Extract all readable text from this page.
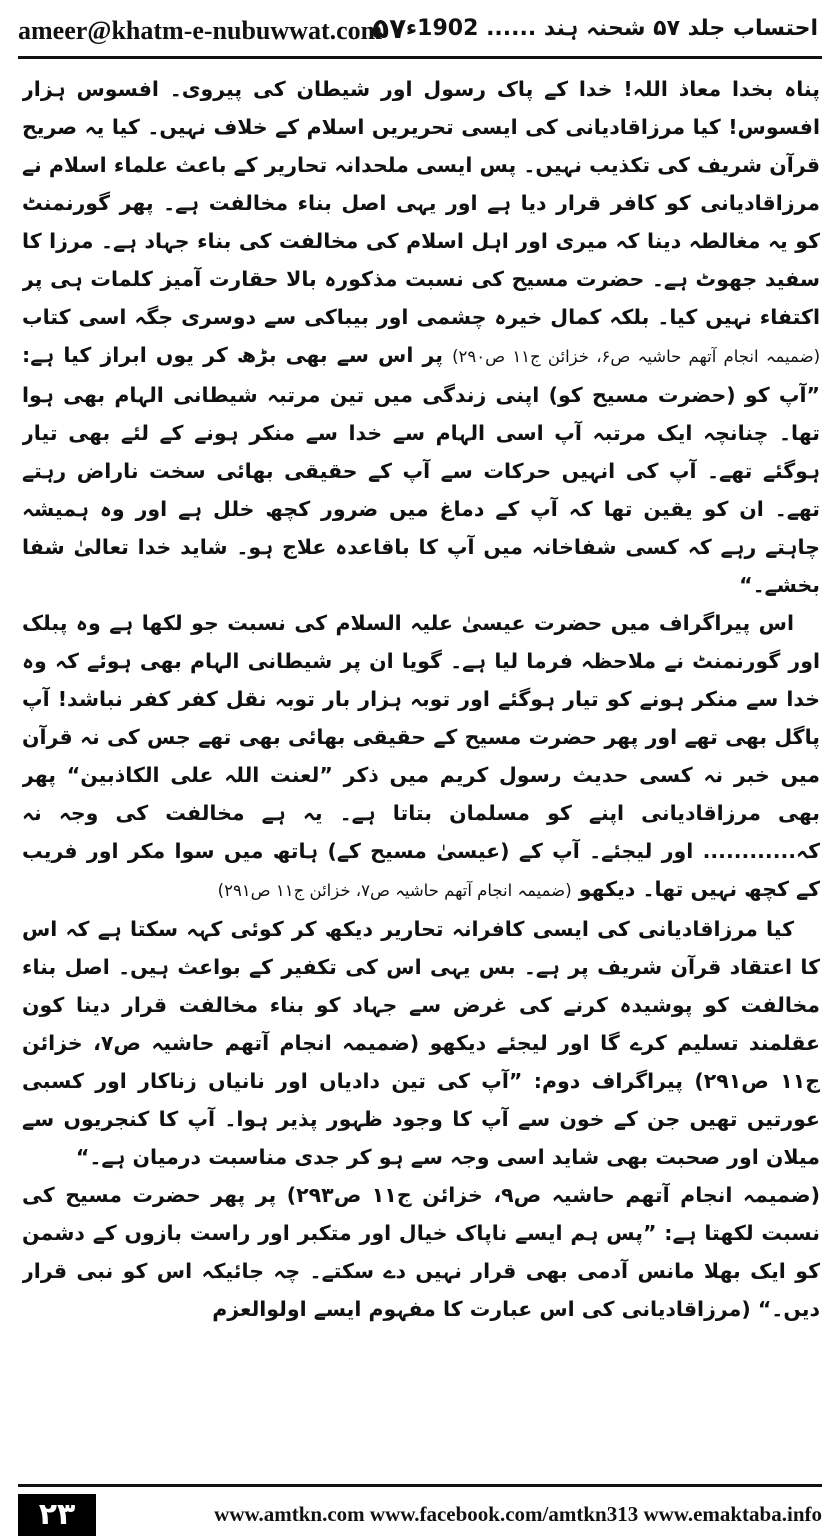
ameer@khatm-e-nubuwwat.com
۵۷ احتساب جلد ۵۷ شحنہ ہند ...... 1902ء

پناہ بخدا معاذ اللہ! خدا کے پاک رسول اور شیطان کی پیروی۔ افسوس ہزار افسوس! کیا مرزاقادیانی کی ایسی تحریریں اسلام کے خلاف نہیں۔ کیا یہ صریح قرآن شریف کی تکذیب نہیں۔ پس ایسی ملحدانہ تحاریر کے باعث علماء اسلام نے مرزاقادیانی کو کافر قرار دیا ہے اور یہی اصل بناء مخالفت ہے۔ پھر گورنمنٹ کو یہ مغالطہ دینا کہ میری اور اہل اسلام کی مخالفت کی بناء جہاد ہے۔ مرزا کا سفید جھوٹ ہے۔ حضرت مسیح کی نسبت مذکورہ بالا حقارت آمیز کلمات ہی پر اکتفاء نہیں کیا۔ بلکہ کمال خیرہ چشمی اور بیباکی سے دوسری جگہ اسی کتاب (ضمیمہ انجام آتھم حاشیہ ص۶، خزائن ج۱۱ ص۲۹۰) پر اس سے بھی بڑھ کر یوں ابراز کیا ہے: ”آپ کو (حضرت مسیح کو) اپنی زندگی میں تین مرتبہ شیطانی الہام بھی ہوا تھا۔ چنانچہ ایک مرتبہ آپ اسی الہام سے خدا سے منکر ہونے کے لئے بھی تیار ہوگئے تھے۔ آپ کی انہیں حرکات سے آپ کے حقیقی بھائی سخت ناراض رہتے تھے۔ ان کو یقین تھا کہ آپ کے دماغ میں ضرور کچھ خلل ہے اور وہ ہمیشہ چاہتے رہے کہ کسی شفاخانہ میں آپ کا باقاعدہ علاج ہو۔ شاید خدا تعالیٰ شفا بخشے۔“

اس پیراگراف میں حضرت عیسیٰ علیہ السلام کی نسبت جو لکھا ہے وہ پبلک اور گورنمنٹ نے ملاحظہ فرما لیا ہے۔ گویا ان پر شیطانی الہام بھی ہوئے کہ وہ خدا سے منکر ہونے کو تیار ہوگئے اور توبہ ہزار بار توبہ نقل کفر کفر نباشد! آپ پاگل بھی تھے اور پھر حضرت مسیح کے حقیقی بھائی بھی تھے جس کی نہ قرآن میں خبر نہ کسی حدیث رسول کریم میں ذکر ”لعنت اللہ علی الکاذبین“ پھر بھی مرزاقادیانی اپنے کو مسلمان بتاتا ہے۔ یہ ہے مخالفت کی وجہ نہ کہ............ اور لیجئے۔ آپ کے (عیسیٰ مسیح کے) ہاتھ میں سوا مکر اور فریب کے کچھ نہیں تھا۔ دیکھو (ضمیمہ انجام آتھم حاشیہ ص۷، خزائن ج۱۱ ص۲۹۱)

کیا مرزاقادیانی کی ایسی کافرانہ تحاریر دیکھ کر کوئی کہہ سکتا ہے کہ اس کا اعتقاد قرآن شریف پر ہے۔ بس یہی اس کی تکفیر کے بواعث ہیں۔ اصل بناء مخالفت کو پوشیدہ کرنے کی غرض سے جہاد کو بناء مخالفت قرار دینا کون عقلمند تسلیم کرے گا اور لیجئے دیکھو (ضمیمہ انجام آتھم حاشیہ ص۷، خزائن ج۱۱ ص۲۹۱) پیراگراف دوم: ”آپ کی تین دادیاں اور نانیاں زناکار اور کسبی عورتیں تھیں جن کے خون سے آپ کا وجود ظہور پذیر ہوا۔ آپ کا کنجریوں سے میلان اور صحبت بھی شاید اسی وجہ سے ہو کر جدی مناسبت درمیان ہے۔“

(ضمیمہ انجام آتھم حاشیہ ص۹، خزائن ج۱۱ ص۲۹۳) پر پھر حضرت مسیح کی نسبت لکھتا ہے: ”پس ہم ایسے ناپاک خیال اور متکبر اور راست بازوں کے دشمن کو ایک بھلا مانس آدمی بھی قرار نہیں دے سکتے۔ چہ جائیکہ اس کو نبی قرار دیں۔“ (مرزاقادیانی کی اس عبارت کا مفہوم ایسے اولوالعزم

۲۳	www.amtkn.com www.facebook.com/amtkn313 www.emaktaba.info
